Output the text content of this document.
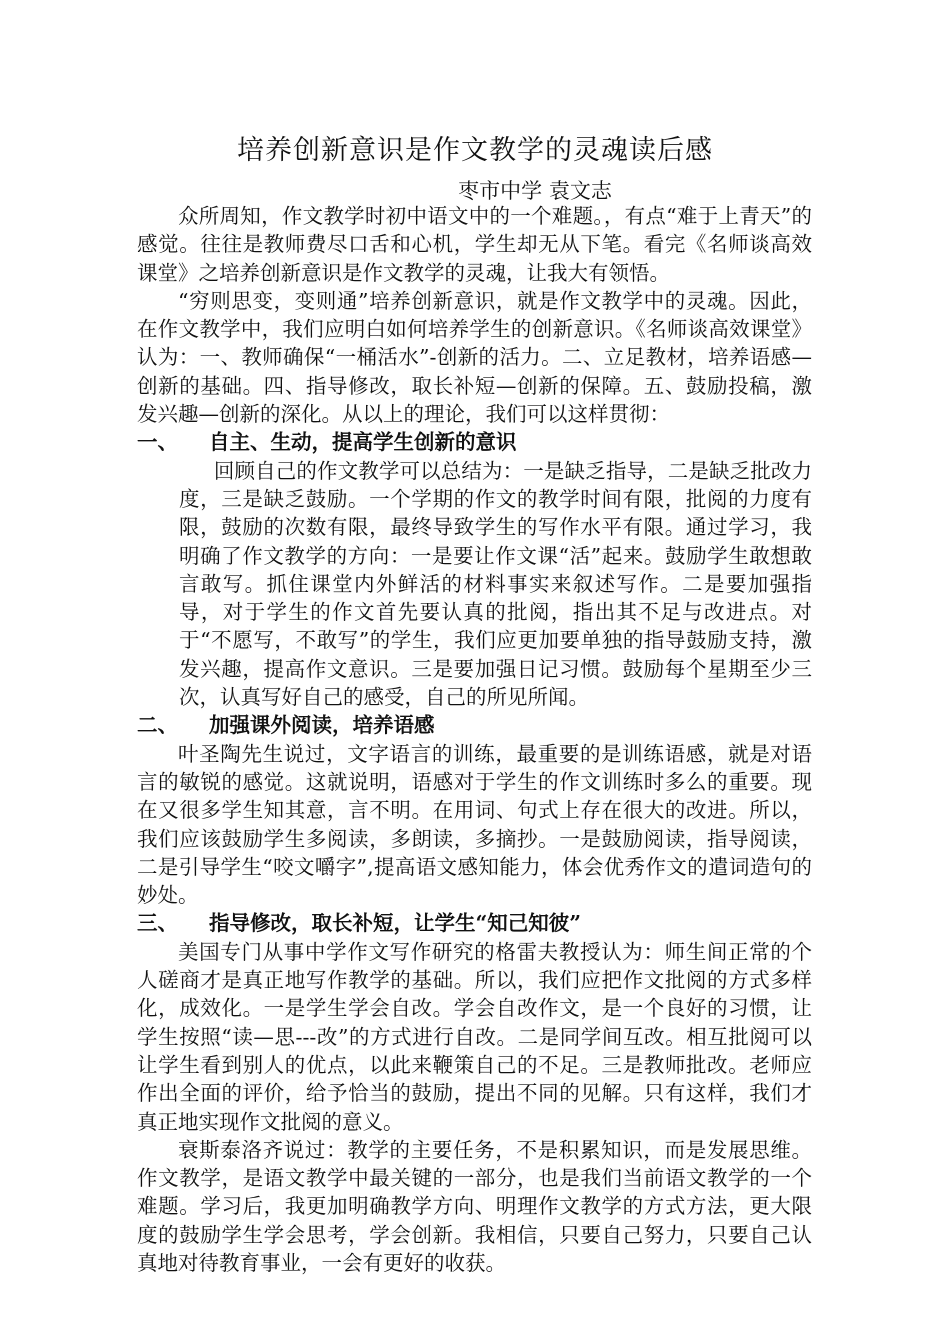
培养创新意识是作文教学的灵魂读后感
枣市中学 袁文志

众所周知，作文教学时初中语文中的一个难题。，有点“难于上青天”的感觉。往往是教师费尽口舌和心机，学生却无从下笔。看完《名师谈高效课堂》之培养创新意识是作文教学的灵魂，让我大有领悟。

“穷则思变，变则通”培养创新意识，就是作文教学中的灵魂。因此，在作文教学中，我们应明白如何培养学生的创新意识。《名师谈高效课堂》认为：一、教师确保“一桶活水”-创新的活力。二、立足教材，培养语感—创新的基础。四、指导修改，取长补短—创新的保障。五、鼓励投稿，激发兴趣—创新的深化。从以上的理论，我们可以这样贯彻：

一、	自主、生动，提高学生创新的意识

回顾自己的作文教学可以总结为：一是缺乏指导，二是缺乏批改力度，三是缺乏鼓励。一个学期的作文的教学时间有限，批阅的力度有限，鼓励的次数有限，最终导致学生的写作水平有限。通过学习，我明确了作文教学的方向：一是要让作文课“活”起来。鼓励学生敢想敢言敢写。抓住课堂内外鲜活的材料事实来叙述写作。二是要加强指导，对于学生的作文首先要认真的批阅，指出其不足与改进点。对于“不愿写，不敢写”的学生，我们应更加要单独的指导鼓励支持，激发兴趣，提高作文意识。三是要加强日记习惯。鼓励每个星期至少三次，认真写好自己的感受，自己的所见所闻。

二、	加强课外阅读，培养语感

叶圣陶先生说过，文字语言的训练，最重要的是训练语感，就是对语言的敏锐的感觉。这就说明，语感对于学生的作文训练时多么的重要。现在又很多学生知其意，言不明。在用词、句式上存在很大的改进。所以，我们应该鼓励学生多阅读，多朗读，多摘抄。一是鼓励阅读，指导阅读，二是引导学生“咬文嚼字”,提高语文感知能力，体会优秀作文的遣词造句的妙处。

三、	指导修改，取长补短，让学生“知己知彼”

美国专门从事中学作文写作研究的格雷夫教授认为：师生间正常的个人磋商才是真正地写作教学的基础。所以，我们应把作文批阅的方式多样化，成效化。一是学生学会自改。学会自改作文，是一个良好的习惯，让学生按照“读—思---改”的方式进行自改。二是同学间互改。相互批阅可以让学生看到别人的优点，以此来鞭策自己的不足。三是教师批改。老师应作出全面的评价，给予恰当的鼓励，提出不同的见解。只有这样，我们才真正地实现作文批阅的意义。

衰斯泰洛齐说过：教学的主要任务，不是积累知识，而是发展思维。作文教学，是语文教学中最关键的一部分，也是我们当前语文教学的一个难题。学习后，我更加明确教学方向、明理作文教学的方式方法，更大限度的鼓励学生学会思考，学会创新。我相信，只要自己努力，只要自己认真地对待教育事业，一会有更好的收获。
